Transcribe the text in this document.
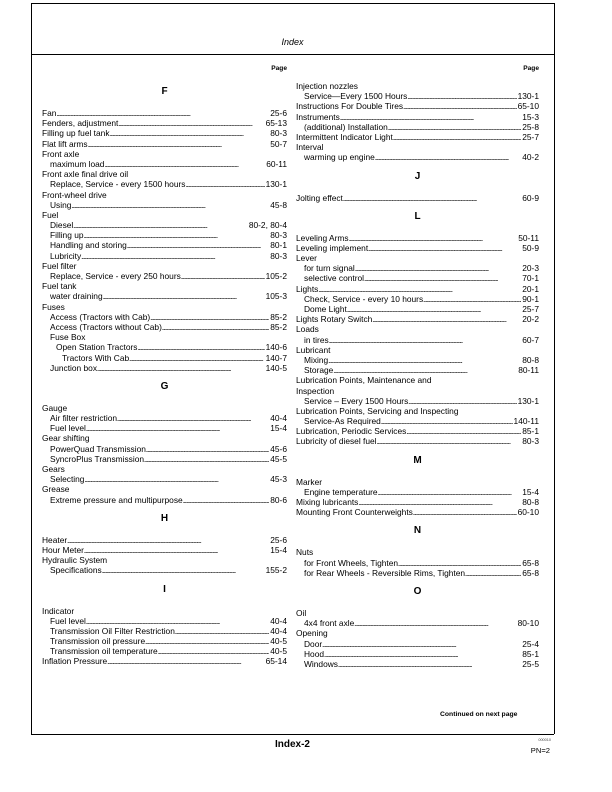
Index
Page
F
Fan . . .	25-6
Fenders, adjustment . . .	65-13
Filling up fuel tank . . .	80-3
Flat lift arms . . .	50-7
Front axle
maximum load . . .	60-11
Front axle final drive oil
Replace, Service - every 1500 hours . . .	130-1
Front-wheel drive
Using . . .	45-8
Fuel
Diesel . . .	80-2, 80-4
Filling up . . .	80-3
Handling and storing . . .	80-1
Lubricity . . .	80-3
Fuel filter
Replace, Service - every 250 hours . . .	105-2
Fuel tank
water draining . . .	105-3
Fuses
Access (Tractors with Cab) . . .	85-2
Access (Tractors without Cab) . . .	85-2
Fuse Box
Open Station Tractors . . .	140-6
Tractors With Cab . . .	140-7
Junction box . . .	140-5
G
Gauge
Air filter restriction . . .	40-4
Fuel level . . .	15-4
Gear shifting
PowerQuad Transmission . . .	45-6
SyncroPlus Transmission . . .	45-5
Gears
Selecting . . .	45-3
Grease
Extreme pressure and multipurpose . . .	80-6
H
Heater . . .	25-6
Hour Meter . . .	15-4
Hydraulic System
Specifications . . .	155-2
I
Indicator
Fuel level . . .	40-4
Transmission Oil Filter Restriction . . .	40-4
Transmission oil pressure . . .	40-5
Transmission oil temperature . . .	40-5
Inflation Pressure . . .	65-14
Page
Injection nozzles
Service—Every 1500 Hours . . .	130-1
Instructions For Double Tires . . .	65-10
Instruments . . .	15-3
(additional) Installation . . .	25-8
Intermittent Indicator Light . . .	25-7
Interval
warming up engine . . .	40-2
J
Jolting effect . . .	60-9
L
Leveling Arms . . .	50-11
Leveling implement . . .	50-9
Lever
for turn signal . . .	20-3
selective control . . .	70-1
Lights . . .	20-1
Check, Service - every 10 hours . . .	90-1
Dome Light . . .	25-7
Lights Rotary Switch . . .	20-2
Loads
in tires . . .	60-7
Lubricant
Mixing . . .	80-8
Storage . . .	80-11
Lubrication Points, Maintenance and
Inspection
Service – Every 1500 Hours . . .	130-1
Lubrication Points, Servicing and Inspecting
Service-As Required . . .	140-11
Lubrication, Periodic Services . . .	85-1
Lubricity of diesel fuel . . .	80-3
M
Marker
Engine temperature . . .	15-4
Mixing lubricants . . .	80-8
Mounting Front Counterweights . . .	60-10
N
Nuts
for Front Wheels, Tighten . . .	65-8
for Rear Wheels - Reversible Rims, Tighten . . .	65-8
O
Oil
4x4 front axle . . .	80-10
Opening
Door . . .	25-4
Hood . . .	85-1
Windows . . .	25-5
Continued on next page
Index-2	000010
PN=2
